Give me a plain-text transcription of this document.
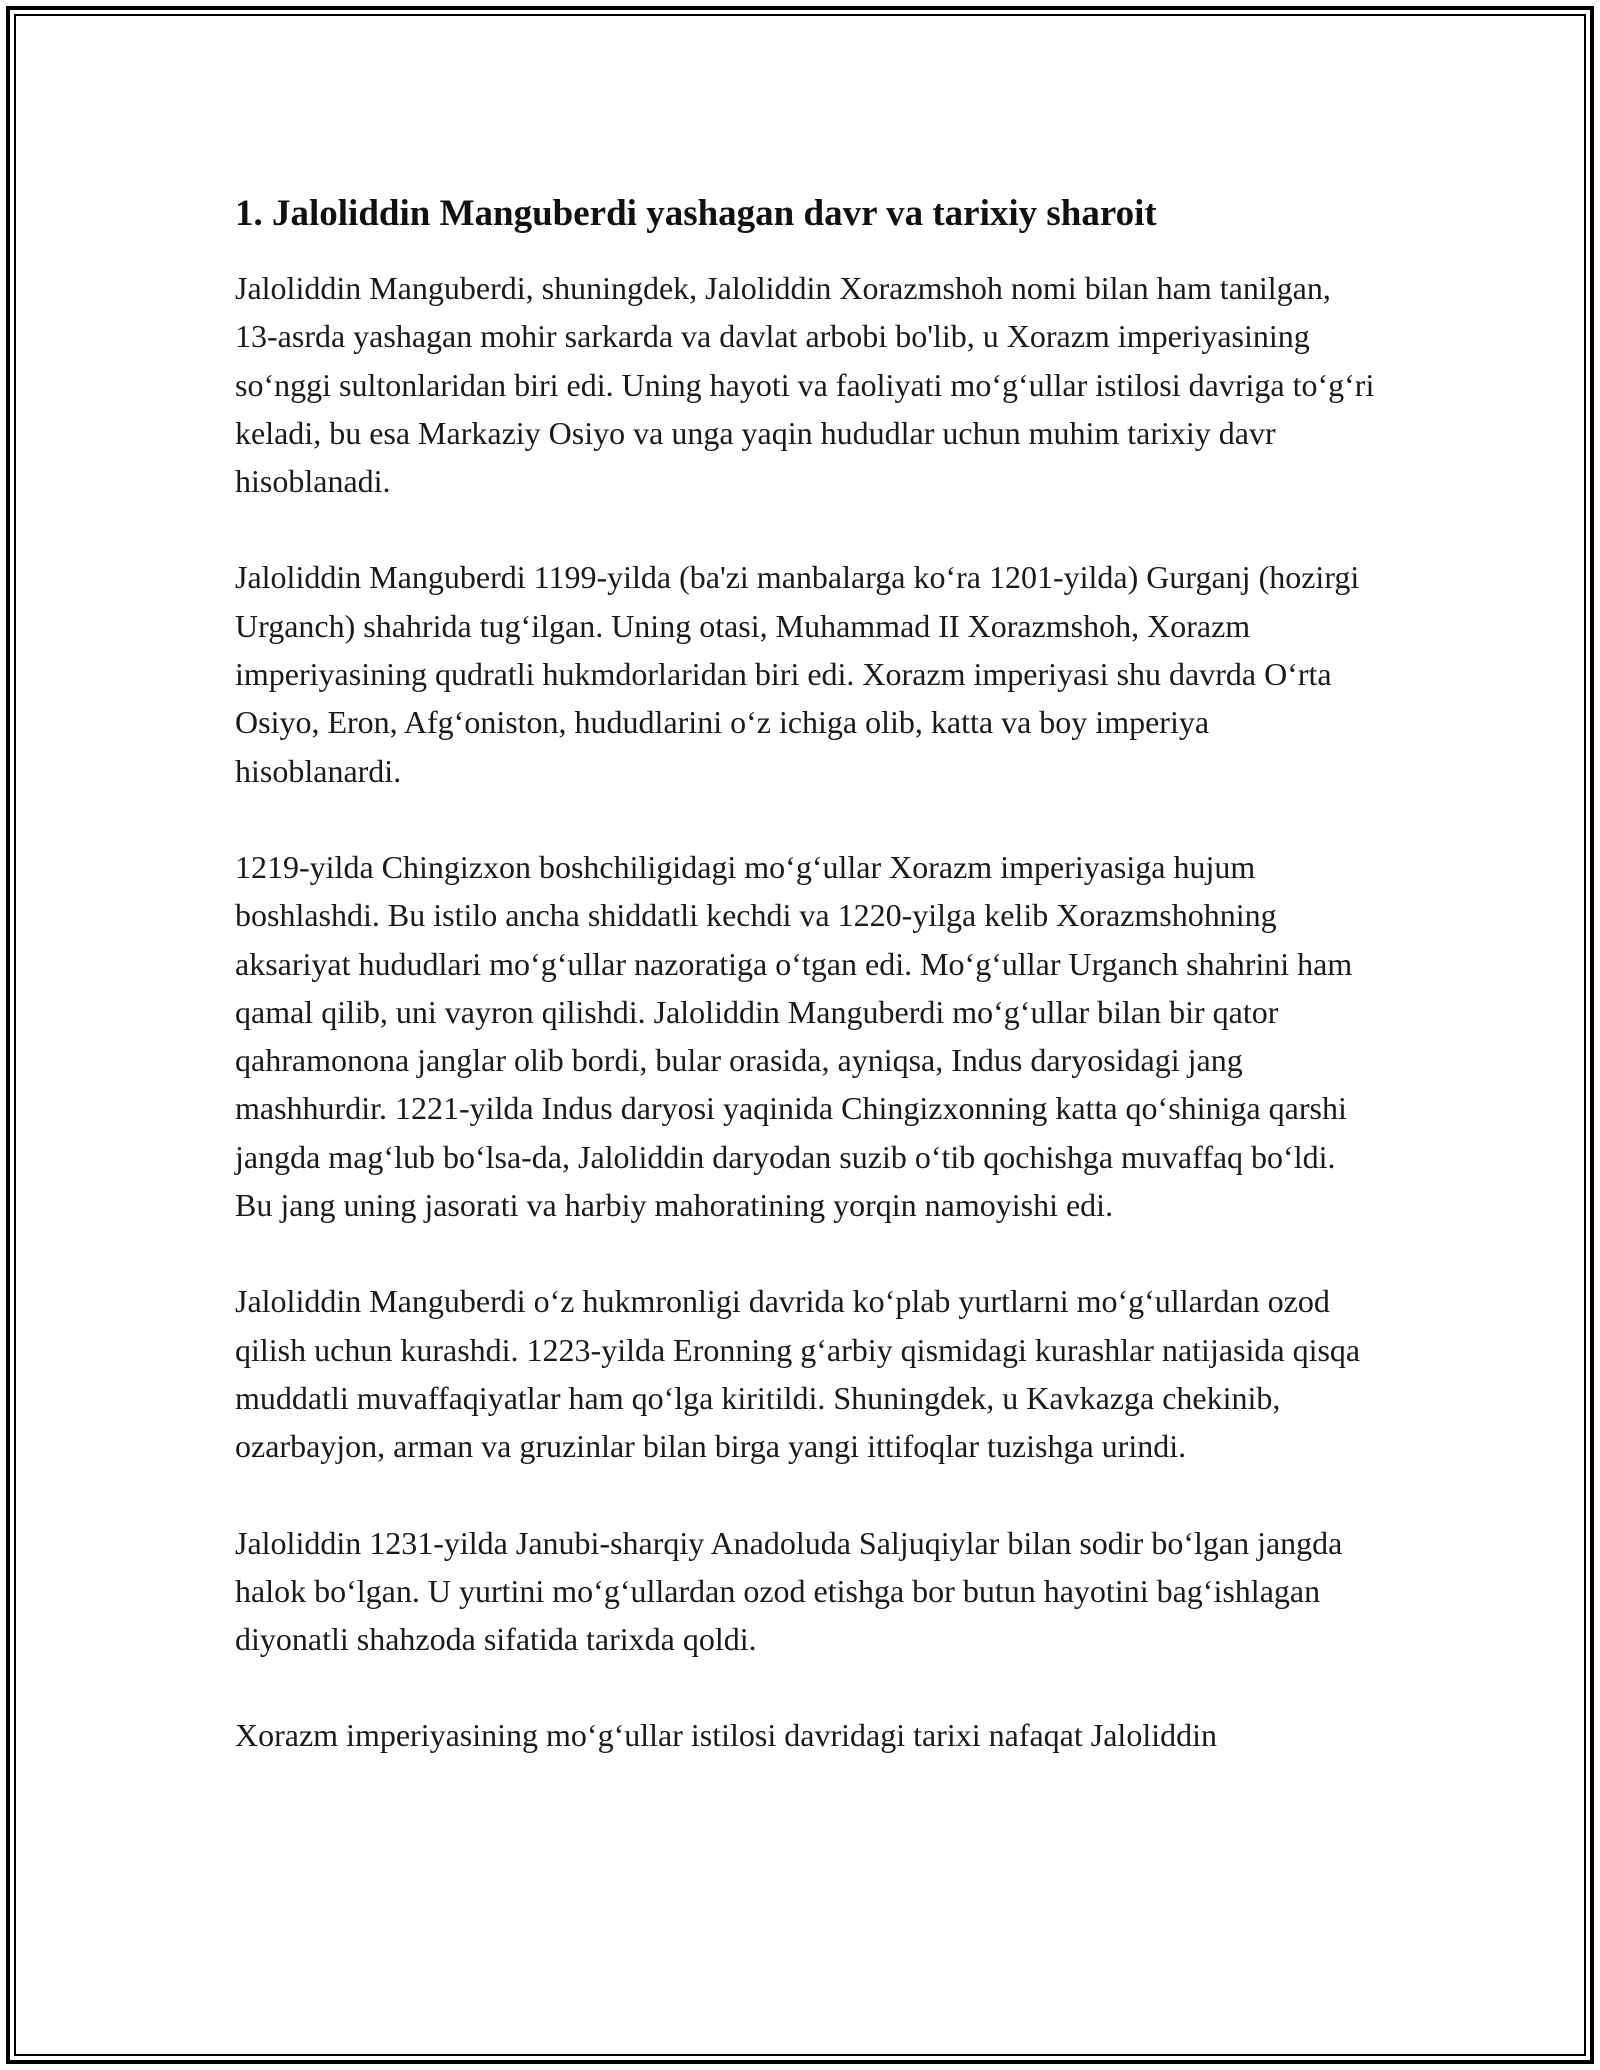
1. Jaloliddin Manguberdi yashagan davr va tarixiy sharoit

Jaloliddin Manguberdi, shuningdek, Jaloliddin Xorazmshoh nomi bilan ham tanilgan, 13-asrda yashagan mohir sarkarda va davlat arbobi bo'lib, u Xorazm imperiyasining so‘nggi sultonlaridan biri edi. Uning hayoti va faoliyati mo‘g‘ullar istilosi davriga to‘g‘ri keladi, bu esa Markaziy Osiyo va unga yaqin hududlar uchun muhim tarixiy davr hisoblanadi.

Jaloliddin Manguberdi 1199-yilda (ba'zi manbalarga ko‘ra 1201-yilda) Gurganj (hozirgi Urganch) shahrida tug‘ilgan. Uning otasi, Muhammad II Xorazmshoh, Xorazm imperiyasining qudratli hukmdorlaridan biri edi. Xorazm imperiyasi shu davrda O‘rta Osiyo, Eron, Afg‘oniston, hududlarini o‘z ichiga olib, katta va boy imperiya hisoblanardi.

1219-yilda Chingizxon boshchiligidagi mo‘g‘ullar Xorazm imperiyasiga hujum boshlashdi. Bu istilo ancha shiddatli kechdi va 1220-yilga kelib Xorazmshohning aksariyat hududlari mo‘g‘ullar nazoratiga o‘tgan edi. Mo‘g‘ullar Urganch shahrini ham qamal qilib, uni vayron qilishdi. Jaloliddin Manguberdi mo‘g‘ullar bilan bir qator qahramonona janglar olib bordi, bular orasida, ayniqsa, Indus daryosidagi jang mashhurdir. 1221-yilda Indus daryosi yaqinida Chingizxonning katta qo‘shiniga qarshi jangda mag‘lub bo‘lsa-da, Jaloliddin daryodan suzib o‘tib qochishga muvaffaq bo‘ldi. Bu jang uning jasorati va harbiy mahoratining yorqin namoyishi edi.

Jaloliddin Manguberdi o‘z hukmronligi davrida ko‘plab yurtlarni mo‘g‘ullardan ozod qilish uchun kurashdi. 1223-yilda Eronning g‘arbiy qismidagi kurashlar natijasida qisqa muddatli muvaffaqiyatlar ham qo‘lga kiritildi. Shuningdek, u Kavkazga chekinib, ozarbayjon, arman va gruzinlar bilan birga yangi ittifoqlar tuzishga urindi.

Jaloliddin 1231-yilda Janubi-sharqiy Anadoluda Saljuqiylar bilan sodir bo‘lgan jangda halok bo‘lgan. U yurtini mo‘g‘ullardan ozod etishga bor butun hayotini bag‘ishlagan diyonatli shahzoda sifatida tarixda qoldi.

Xorazm imperiyasining mo‘g‘ullar istilosi davridagi tarixi nafaqat Jaloliddin
